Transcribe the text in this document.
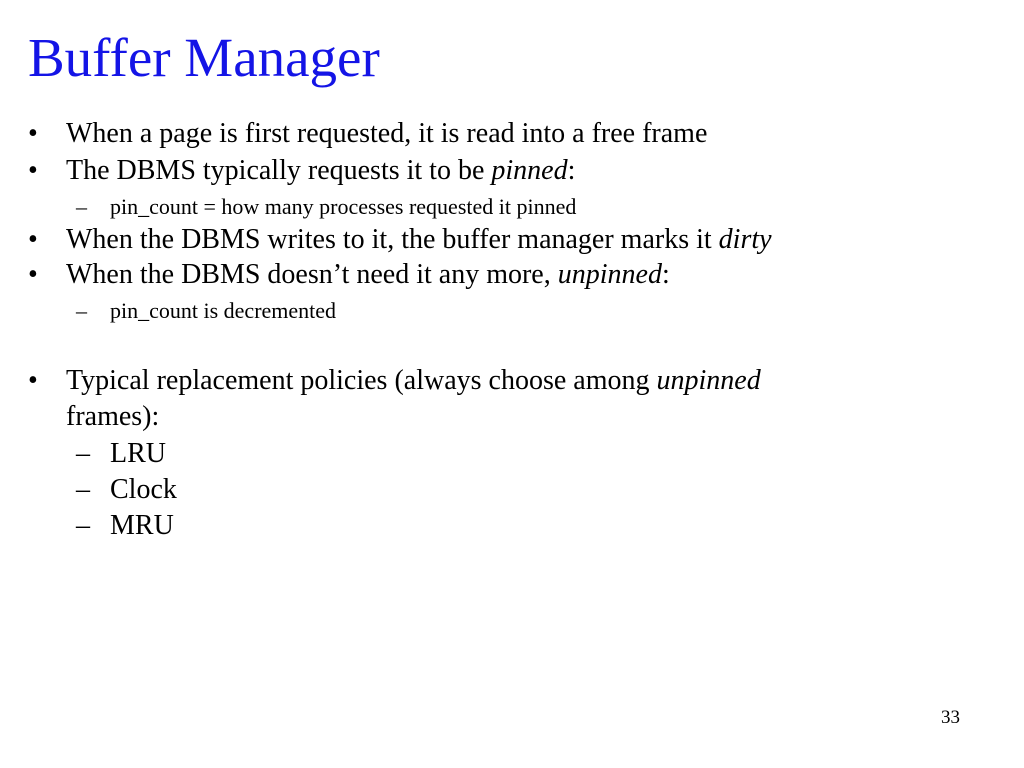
Buffer Manager
• When a page is first requested, it is read into a free frame
• The DBMS typically requests it to be pinned:
– pin_count = how many processes requested it pinned
• When the DBMS writes to it, the buffer manager marks it dirty
• When the DBMS doesn’t need it any more, unpinned:
– pin_count is decremented
• Typical replacement policies (always choose among unpinned
frames):
– LRU
– Clock
– MRU
33
